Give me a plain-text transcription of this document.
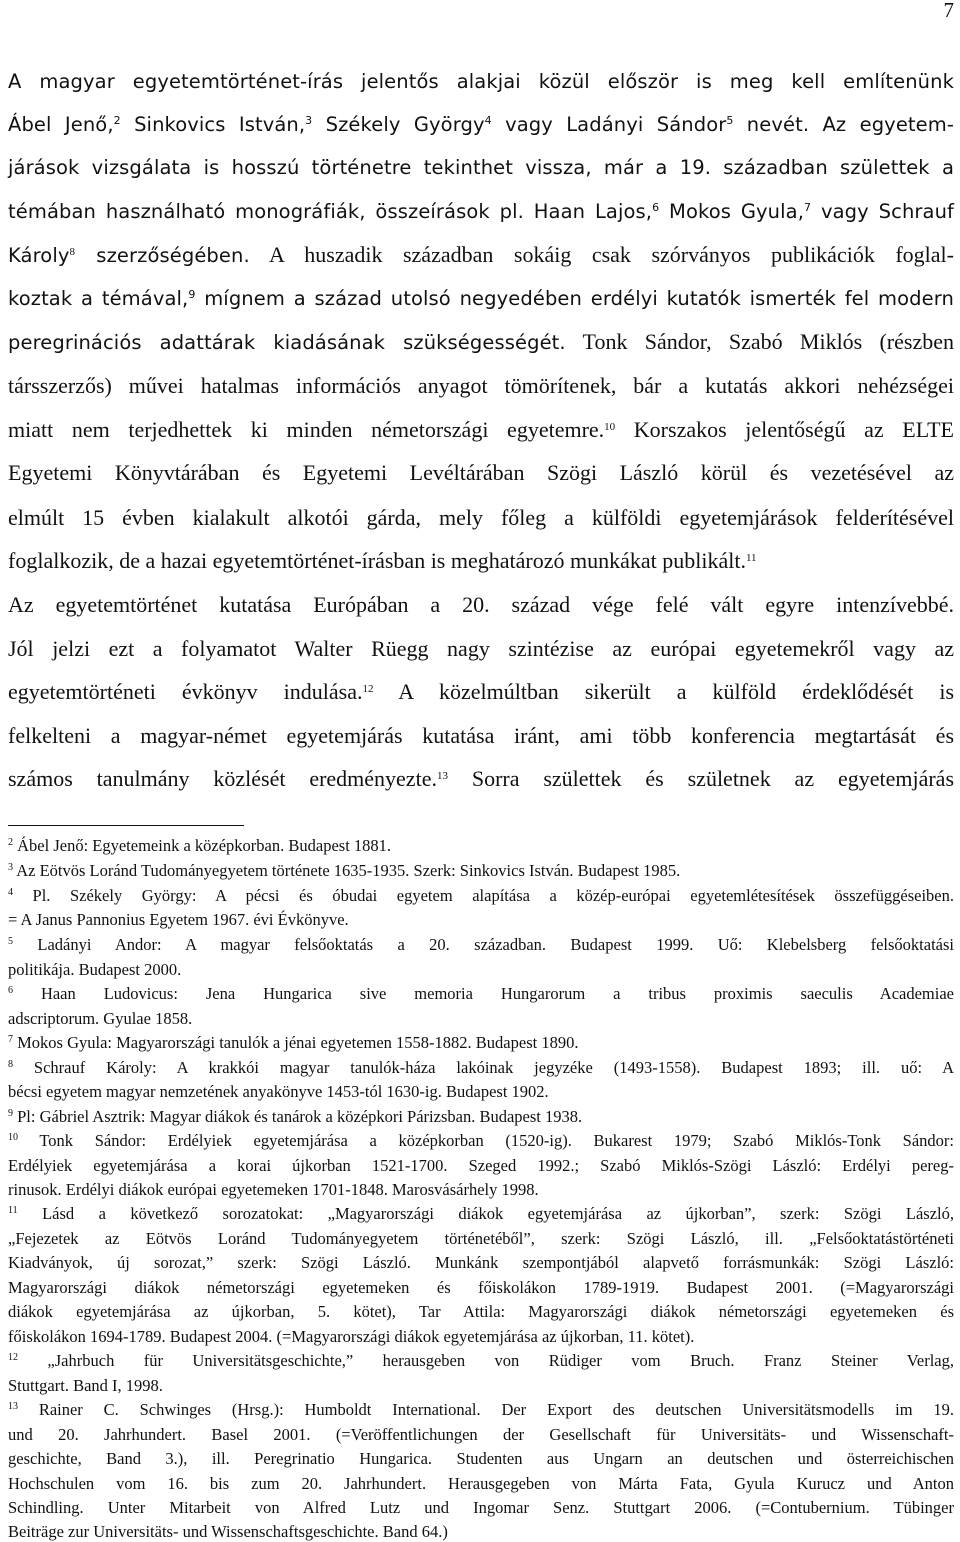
7
A magyar egyetemtörténet-írás jelentős alakjai közül először is meg kell említenünk
Ábel Jenő,$^2$ Sinkovics István,$^3$ Székely György$^4$ vagy Ladányi Sándor$^5$ nevét. Az egyetem-
járások vizsgálata is hosszú történetre tekinthet vissza, már a 19. században születtek a
témában használható monográfiák, összeírások pl. Haan Lajos,$^6$ Mokos Gyula,$^7$ vagy Schrauf
Károly$^8$ szerzőségében. A huszadik században sokáig csak szórványos publikációk foglal-
koztak a témával,$^9$ mígnem a század utolsó negyedében erdélyi kutatók ismerték fel modern
peregrinációs adattárak kiadásának szükségességét. Tonk Sándor, Szabó Miklós (részben
társszerzős) művei hatalmas információs anyagot tömörítenek, bár a kutatás akkori nehézségei
miatt nem terjedhettek ki minden németországi egyetemre.$^{10}$ Korszakos jelentőségű az ELTE
Egyetemi Könyvtárában és Egyetemi Levéltárában Szögi László körül és vezetésével az
elmúlt 15 évben kialakult alkotói gárda, mely főleg a külföldi egyetemjárások felderítésével
foglalkozik, de a hazai egyetemtörténet-írásban is meghatározó munkákat publikált.$^{11}$
Az egyetemtörténet kutatása Európában a 20. század vége felé vált egyre intenzívebbé.
Jól jelzi ezt a folyamatot Walter Rüegg nagy szintézise az európai egyetemekről vagy az
egyetemtörténeti évkönyv indulása.$^{12}$ A közelmúltban sikerült a külföld érdeklődését is
felkelteni a magyar-német egyetemjárás kutatása iránt, ami több konferencia megtartását és
számos tanulmány közlését eredményezte.$^{13}$ Sorra születtek és születnek az egyetemjárás
$^2$ Ábel Jenő: Egyetemeink a középkorban. Budapest 1881.
$^3$ Az Eötvös Loránd Tudományegyetem története 1635-1935. Szerk: Sinkovics István. Budapest 1985.
$^4$ Pl. Székely György: A pécsi és óbudai egyetem alapítása a közép-európai egyetemlétesítések összefüggéseiben.
= A Janus Pannonius Egyetem 1967. évi Évkönyve.
$^5$ Ladányi Andor: A magyar felsőoktatás a 20. században. Budapest 1999. Uő: Klebelsberg felsőoktatási
politikája. Budapest 2000.
$^6$ Haan Ludovicus: Jena Hungarica sive memoria Hungarorum a tribus proximis saeculis Academiae
adscriptorum. Gyulae 1858.
$^7$ Mokos Gyula: Magyarországi tanulók a jénai egyetemen 1558-1882. Budapest 1890.
$^8$ Schrauf Károly: A krakkói magyar tanulók-háza lakóinak jegyzéke (1493-1558). Budapest 1893; ill. uő: A
bécsi egyetem magyar nemzetének anyakönyve 1453-tól 1630-ig. Budapest 1902.
$^9$ Pl: Gábriel Asztrik: Magyar diákok és tanárok a középkori Párizsban. Budapest 1938.
$^{10}$ Tonk Sándor: Erdélyiek egyetemjárása a középkorban (1520-ig). Bukarest 1979; Szabó Miklós-Tonk Sándor:
Erdélyiek egyetemjárása a korai újkorban 1521-1700. Szeged 1992.; Szabó Miklós-Szögi László: Erdélyi pereg-
rinusok. Erdélyi diákok európai egyetemeken 1701-1848. Marosvásárhely 1998.
$^{11}$ Lásd a következő sorozatokat: „Magyarországi diákok egyetemjárása az újkorban”, szerk: Szögi László,
„Fejezetek az Eötvös Loránd Tudományegyetem történetéből”, szerk: Szögi László, ill. „Felsőoktatástörténeti
Kiadványok, új sorozat,” szerk: Szögi László. Munkánk szempontjából alapvető forrásmunkák: Szögi László:
Magyarországi diákok németországi egyetemeken és főiskolákon 1789-1919. Budapest 2001. (=Magyarországi
diákok egyetemjárása az újkorban, 5. kötet), Tar Attila: Magyarországi diákok németországi egyetemeken és
főiskolákon 1694-1789. Budapest 2004. (=Magyarországi diákok egyetemjárása az újkorban, 11. kötet).
$^{12}$ „Jahrbuch für Universitätsgeschichte,” herausgeben von Rüdiger vom Bruch. Franz Steiner Verlag,
Stuttgart. Band I, 1998.
$^{13}$ Rainer C. Schwinges (Hrsg.): Humboldt International. Der Export des deutschen Universitätsmodells im 19.
und 20. Jahrhundert. Basel 2001. (=Veröffentlichungen der Gesellschaft für Universitäts- und Wissenschaft-
geschichte, Band 3.), ill. Peregrinatio Hungarica. Studenten aus Ungarn an deutschen und österreichischen
Hochschulen vom 16. bis zum 20. Jahrhundert. Herausgegeben von Márta Fata, Gyula Kurucz und Anton
Schindling. Unter Mitarbeit von Alfred Lutz und Ingomar Senz. Stuttgart 2006. (=Contubernium. Tübinger
Beiträge zur Universitäts- und Wissenschaftsgeschichte. Band 64.)
